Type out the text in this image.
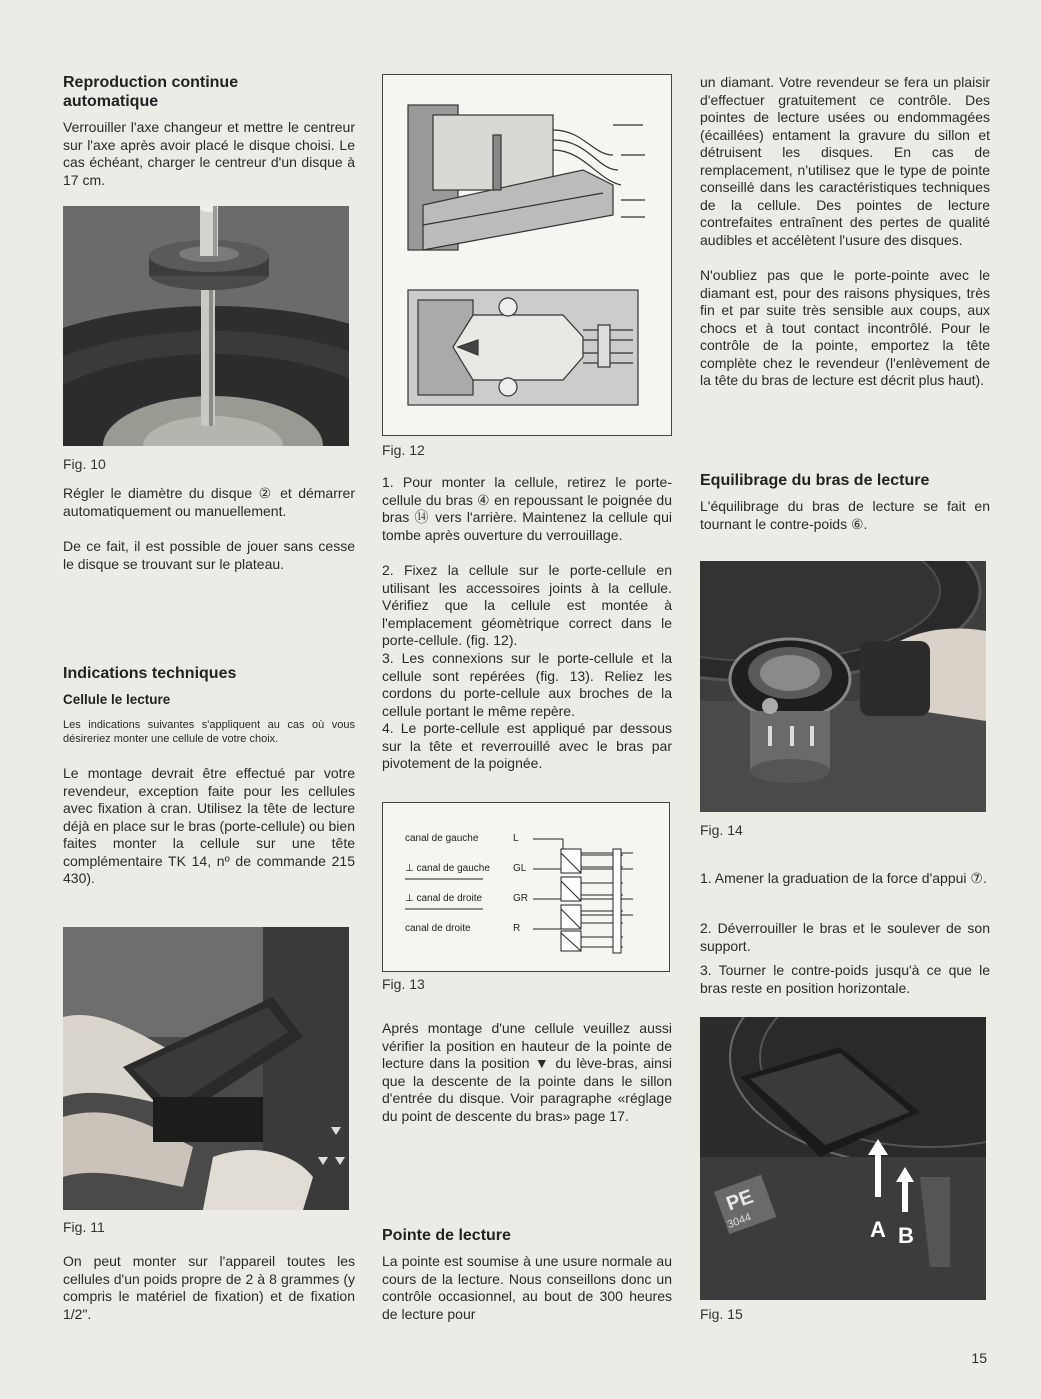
Reproduction continue automatique

Verrouiller l'axe changeur et mettre le centreur sur l'axe après avoir placé le disque choisi. Le cas échéant, charger le centreur d'un disque à 17 cm.

Fig. 10

Régler le diamètre du disque ② et démarrer automatiquement ou manuellement.

De ce fait, il est possible de jouer sans cesse le disque se trouvant sur le plateau.

Indications techniques
Cellule le lecture

Les indications suivantes s'appliquent au cas où vous désireriez monter une cellule de votre choix.

Le montage devrait être effectué par votre revendeur, exception faite pour les cellules avec fixation à cran. Utilisez la tête de lecture déjà en place sur le bras (porte-cellule) ou bien faites monter la cellule sur une tête complémentaire TK 14, nº de commande 215 430).

Fig. 11

On peut monter sur l'appareil toutes les cellules d'un poids propre de 2 à 8 grammes (y compris le matériel de fixation) et de fixation 1/2".

Fig. 12

1. Pour monter la cellule, retirez le porte-cellule du bras ④ en repoussant le poignée du bras ⑭ vers l'arrière. Maintenez la cellule qui tombe après ouverture du verrouillage.

2. Fixez la cellule sur le porte-cellule en utilisant les accessoires joints à la cellule. Vérifiez que la cellule est montée à l'emplacement géomètrique correct dans le porte-cellule. (fig. 12).

3. Les connexions sur le porte-cellule et la cellule sont repérées (fig. 13). Reliez les cordons du porte-cellule aux broches de la cellule portant le même repère.

4. Le porte-cellule est appliqué par dessous sur la tête et reverrouillé avec le bras par pivotement de la poignée.

canal de gauche	L
⊥ canal de gauche GL
⊥ canal de droite	GR
canal de droite	R
Fig. 13

Aprés montage d'une cellule veuillez aussi vérifier la position en hauteur de la pointe de lecture dans la position ▼ du lève-bras, ainsi que la descente de la pointe dans le sillon d'entrée du disque. Voir paragraphe «réglage du point de descente du bras» page 17.

Pointe de lecture

La pointe est soumise à une usure normale au cours de la lecture. Nous conseillons donc un contrôle occasionnel, au bout de 300 heures de lecture pour

un diamant. Votre revendeur se fera un plaisir d'effectuer gratuitement ce contrôle. Des pointes de lecture usées ou endommagées (écaillées) entament la gravure du sillon et détruisent les disques. En cas de remplacement, n'utilisez que le type de pointe conseillé dans les caractéristiques techniques de la cellule. Des pointes de lecture contrefaites entraînent des pertes de qualité audibles et accélètent l'usure des disques.

N'oubliez pas que le porte-pointe avec le diamant est, pour des raisons physiques, très fin et par suite très sensible aux coups, aux chocs et à tout contact incontrôlé. Pour le contrôle de la pointe, emportez la tête complète chez le revendeur (l'enlèvement de la tête du bras de lecture est décrit plus haut).

Equilibrage du bras de lecture

L'équilibrage du bras de lecture se fait en tournant le contre-poids ⑥.

Fig. 14

1. Amener la graduation de la force d'appui ⑦.

2. Déverrouiller le bras et le soulever de son support.

3. Tourner le contre-poids jusqu'à ce que le bras reste en position horizontale.

PE
3044	A B
Fig. 15
15
